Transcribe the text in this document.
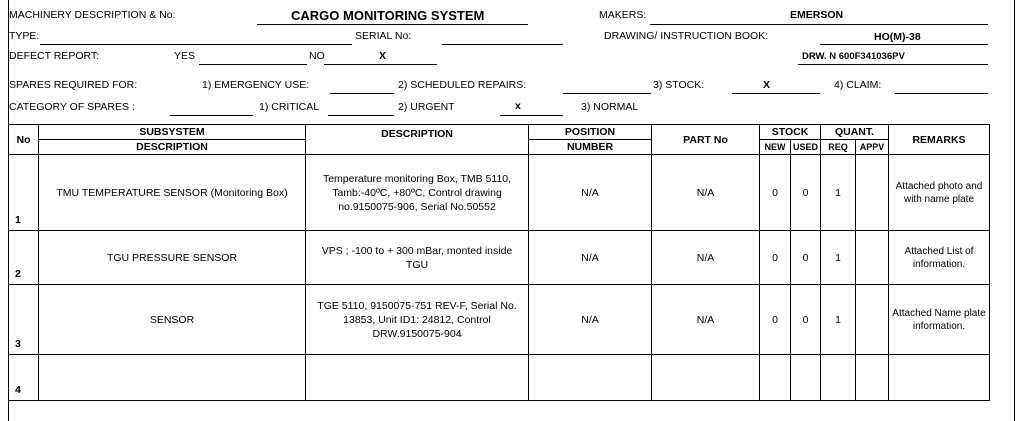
MACHINERY DESCRIPTION & No:	CARGO MONITORING SYSTEM	MAKERS:	EMERSON
TYPE:	SERIAL No:	DRAWING/ INSTRUCTION BOOK:	HO(M)-38
DEFECT REPORT:	YES	NO	X	DRW. N 600F341036PV
SPARES REQUIRED FOR:	1) EMERGENCY USE:	2) SCHEDULED REPAIRS:	3) STOCK:	X	4) CLAIM:
CATEGORY OF SPARES :	1) CRITICAL	2) URGENT	x	3) NORMAL
No	SUBSYSTEM	DESCRIPTION	POSITION	PART No	STOCK		QUANT.		REMARKS
	DESCRIPTION		NUMBER		NEW	USED	REQ	APPV	
1	TMU TEMPERATURE SENSOR (Monitoring Box)	Temperature monitoring Box, TMB 5110, Tamb:-40ºC, +80ºC, Control drawing no.9150075-906, Serial No.50552	N/A	N/A	0	0	1		Attached photo and with name plate
2	TGU PRESSURE SENSOR	VPS ; -100 to + 300 mBar, monted inside TGU	N/A	N/A	0	0	1		Attached List of information.
3	SENSOR	TGE 5110, 9150075-751 REV-F, Serial No. 13853, Unit ID1: 24812, Control DRW.9150075-904	N/A	N/A	0	0	1		Attached Name plate information.
4									
